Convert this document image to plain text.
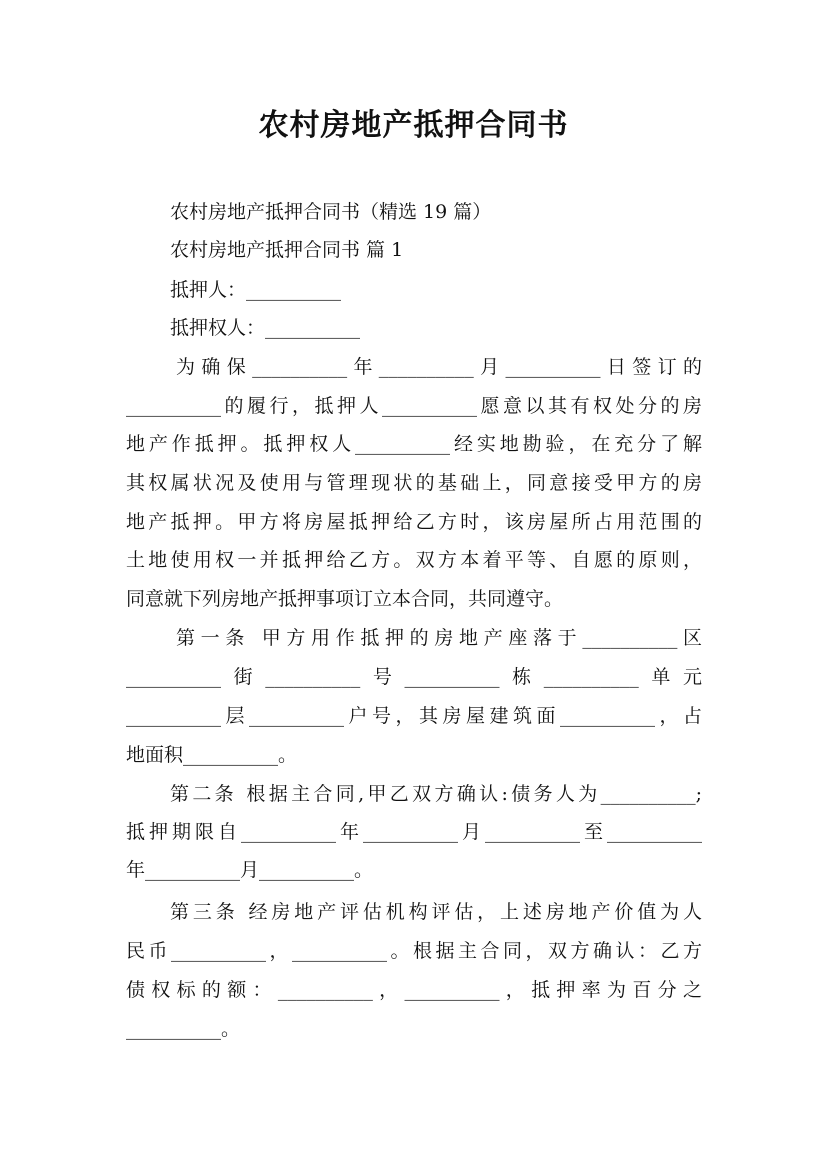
农村房地产抵押合同书
农村房地产抵押合同书（精选 19 篇）
农村房地产抵押合同书 篇 1
抵押人：__________
抵押权人：__________
为确保__________年__________月__________日签订的
__________的履行，抵押人__________愿意以其有权处分的房
地产作抵押。抵押权人__________经实地勘验，在充分了解
其权属状况及使用与管理现状的基础上，同意接受甲方的房
地产抵押。甲方将房屋抵押给乙方时，该房屋所占用范围的
土地使用权一并抵押给乙方。双方本着平等、自愿的原则，
同意就下列房地产抵押事项订立本合同，共同遵守。
第一条 甲方用作抵押的房地产座落于__________区
__________街__________号__________栋__________单元
__________层__________户号，其房屋建筑面__________，占
地面积__________。
第二条 根据主合同,甲乙双方确认:债务人为__________;
抵押期限自__________年__________月__________至__________
年__________月__________。
第三条 经房地产评估机构评估，上述房地产价值为人
民币__________，__________。根据主合同，双方确认：乙方
债权标的额：__________，__________，抵押率为百分之
__________。
